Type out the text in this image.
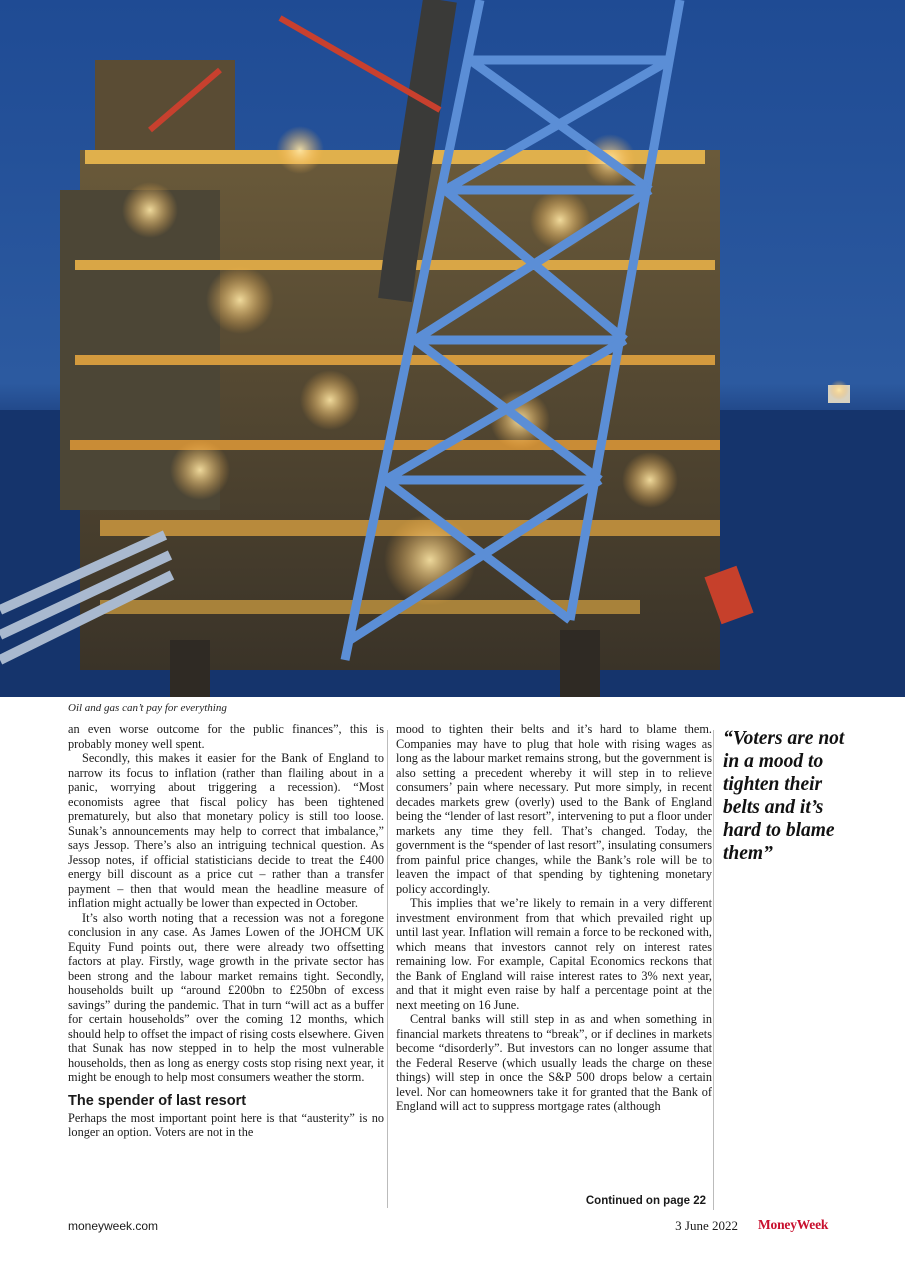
Oil and gas can’t pay for everything

an even worse outcome for the public finances”, this is probably money well spent.

Secondly, this makes it easier for the Bank of England to narrow its focus to inflation (rather than flailing about in a panic, worrying about triggering a recession). “Most economists agree that fiscal policy has been tightened prematurely, but also that monetary policy is still too loose. Sunak’s announcements may help to correct that imbalance,” says Jessop. There’s also an intriguing technical question. As Jessop notes, if official statisticians decide to treat the £400 energy bill discount as a price cut – rather than a transfer payment – then that would mean the headline measure of inflation might actually be lower than expected in October.

It’s also worth noting that a recession was not a foregone conclusion in any case. As James Lowen of the JOHCM UK Equity Fund points out, there were already two offsetting factors at play. Firstly, wage growth in the private sector has been strong and the labour market remains tight. Secondly, households built up “around £200bn to £250bn of excess savings” during the pandemic. That in turn “will act as a buffer for certain households” over the coming 12 months, which should help to offset the impact of rising costs elsewhere. Given that Sunak has now stepped in to help the most vulnerable households, then as long as energy costs stop rising next year, it might be enough to help most consumers weather the storm.

The spender of last resort

Perhaps the most important point here is that “austerity” is no longer an option. Voters are not in the

mood to tighten their belts and it’s hard to blame them. Companies may have to plug that hole with rising wages as long as the labour market remains strong, but the government is also setting a precedent whereby it will step in to relieve consumers’ pain where necessary. Put more simply, in recent decades markets grew (overly) used to the Bank of England being the “lender of last resort”, intervening to put a floor under markets any time they fell. That’s changed. Today, the government is the “spender of last resort”, insulating consumers from painful price changes, while the Bank’s role will be to leaven the impact of that spending by tightening monetary policy accordingly.

This implies that we’re likely to remain in a very different investment environment from that which prevailed right up until last year. Inflation will remain a force to be reckoned with, which means that investors cannot rely on interest rates remaining low. For example, Capital Economics reckons that the Bank of England will raise interest rates to 3% next year, and that it might even raise by half a percentage point at the next meeting on 16 June.

Central banks will still step in as and when something in financial markets threatens to “break”, or if declines in markets become “disorderly”. But investors can no longer assume that the Federal Reserve (which usually leads the charge on these things) will step in once the S&P 500 drops below a certain level. Nor can homeowners take it for granted that the Bank of England will act to suppress mortgage rates (although

“Voters are not in a mood to tighten their belts and it’s hard to blame them”
Continued on page 22
moneyweek.com	3 June 2022 MoneyWeek
